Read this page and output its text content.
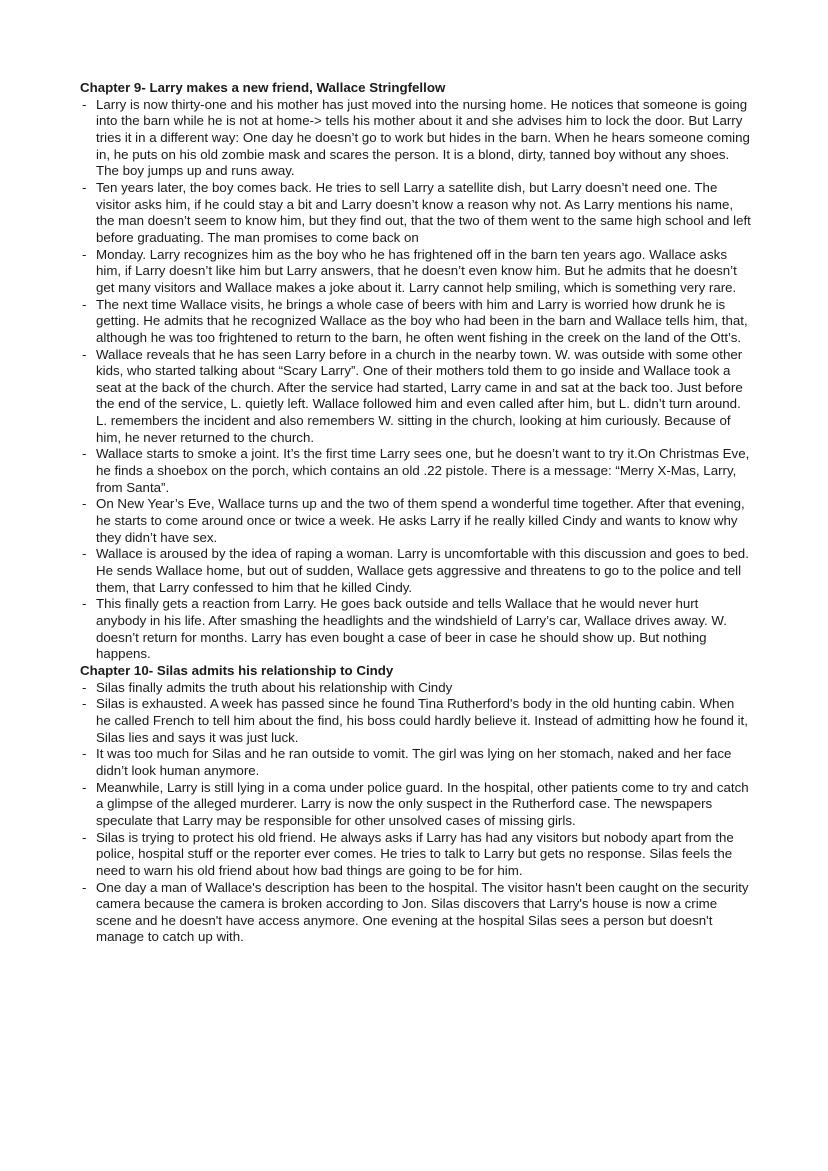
Chapter 9- Larry makes a new friend, Wallace Stringfellow
- Larry is now thirty-one and his mother has just moved into the nursing home. He notices that someone is going into the barn while he is not at home-> tells his mother about it and she advises him to lock the door. But Larry tries it in a different way: One day he doesn’t go to work but hides in the barn. When he hears someone coming in, he puts on his old zombie mask and scares the person. It is a blond, dirty, tanned boy without any shoes. The boy jumps up and runs away.
- Ten years later, the boy comes back. He tries to sell Larry a satellite dish, but Larry doesn’t need one. The visitor asks him, if he could stay a bit and Larry doesn’t know a reason why not. As Larry mentions his name, the man doesn’t seem to know him, but they find out, that the two of them went to the same high school and left before graduating. The man promises to come back on
- Monday. Larry recognizes him as the boy who he has frightened off in the barn ten years ago. Wallace asks him, if Larry doesn’t like him but Larry answers, that he doesn’t even know him. But he admits that he doesn’t get many visitors and Wallace makes a joke about it. Larry cannot help smiling, which is something very rare.
- The next time Wallace visits, he brings a whole case of beers with him and Larry is worried how drunk he is getting. He admits that he recognized Wallace as the boy who had been in the barn and Wallace tells him, that, although he was too frightened to return to the barn, he often went fishing in the creek on the land of the Ott’s.
- Wallace reveals that he has seen Larry before in a church in the nearby town. W. was outside with some other kids, who started talking about “Scary Larry”. One of their mothers told them to go inside and Wallace took a seat at the back of the church. After the service had started, Larry came in and sat at the back too. Just before the end of the service, L. quietly left. Wallace followed him and even called after him, but L. didn’t turn around. L. remembers the incident and also remembers W. sitting in the church, looking at him curiously. Because of him, he never returned to the church.
- Wallace starts to smoke a joint. It’s the first time Larry sees one, but he doesn’t want to try it.On Christmas Eve, he finds a shoebox on the porch, which contains an old .22 pistole. There is a message: “Merry X-Mas, Larry, from Santa”.
- On New Year’s Eve, Wallace turns up and the two of them spend a wonderful time together. After that evening, he starts to come around once or twice a week. He asks Larry if he really killed Cindy and wants to know why they didn’t have sex.
- Wallace is aroused by the idea of raping a woman. Larry is uncomfortable with this discussion and goes to bed. He sends Wallace home, but out of sudden, Wallace gets aggressive and threatens to go to the police and tell them, that Larry confessed to him that he killed Cindy.
- This finally gets a reaction from Larry. He goes back outside and tells Wallace that he would never hurt anybody in his life. After smashing the headlights and the windshield of Larry’s car, Wallace drives away. W. doesn’t return for months. Larry has even bought a case of beer in case he should show up. But nothing happens.
Chapter 10- Silas admits his relationship to Cindy
- Silas finally admits the truth about his relationship with Cindy
- Silas is exhausted. A week has passed since he found Tina Rutherford's body in the old hunting cabin. When he called French to tell him about the find, his boss could hardly believe it. Instead of admitting how he found it, Silas lies and says it was just luck.
- It was too much for Silas and he ran outside to vomit. The girl was lying on her stomach, naked and her face didn’t look human anymore.
- Meanwhile, Larry is still lying in a coma under police guard. In the hospital, other patients come to try and catch a glimpse of the alleged murderer. Larry is now the only suspect in the Rutherford case. The newspapers speculate that Larry may be responsible for other unsolved cases of missing girls.
- Silas is trying to protect his old friend. He always asks if Larry has had any visitors but nobody apart from the police, hospital stuff or the reporter ever comes. He tries to talk to Larry but gets no response. Silas feels the need to warn his old friend about how bad things are going to be for him.
- One day a man of Wallace's description has been to the hospital. The visitor hasn't been caught on the security camera because the camera is broken according to Jon. Silas discovers that Larry's house is now a crime scene and he doesn't have access anymore. One evening at the hospital Silas sees a person but doesn't manage to catch up with.
